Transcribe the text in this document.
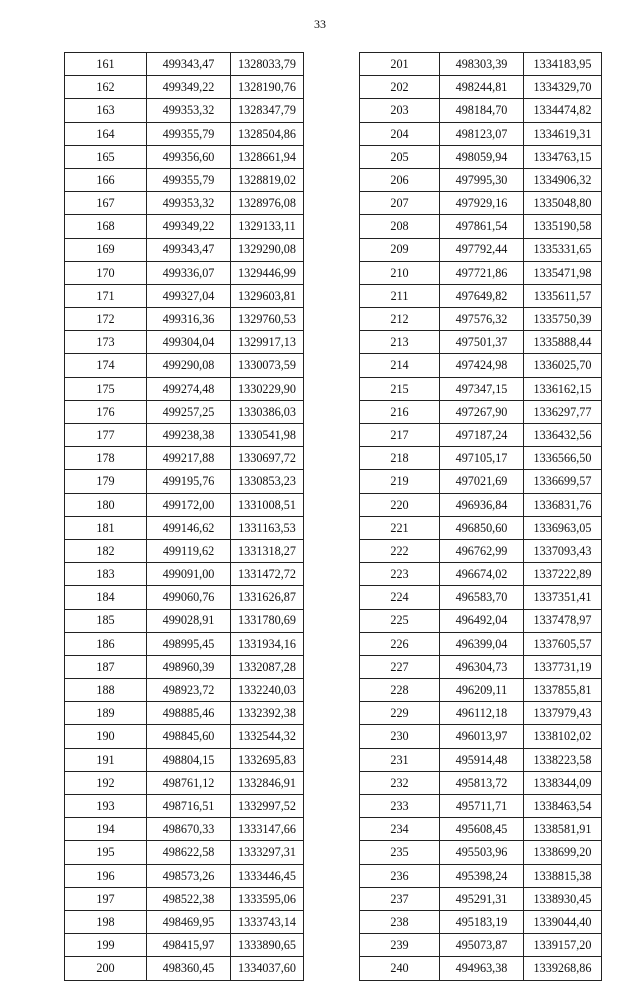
33
161	499343,47	1328033,79
162	499349,22	1328190,76
163	499353,32	1328347,79
164	499355,79	1328504,86
165	499356,60	1328661,94
166	499355,79	1328819,02
167	499353,32	1328976,08
168	499349,22	1329133,11
169	499343,47	1329290,08
170	499336,07	1329446,99
171	499327,04	1329603,81
172	499316,36	1329760,53
173	499304,04	1329917,13
174	499290,08	1330073,59
175	499274,48	1330229,90
176	499257,25	1330386,03
177	499238,38	1330541,98
178	499217,88	1330697,72
179	499195,76	1330853,23
180	499172,00	1331008,51
181	499146,62	1331163,53
182	499119,62	1331318,27
183	499091,00	1331472,72
184	499060,76	1331626,87
185	499028,91	1331780,69
186	498995,45	1331934,16
187	498960,39	1332087,28
188	498923,72	1332240,03
189	498885,46	1332392,38
190	498845,60	1332544,32
191	498804,15	1332695,83
192	498761,12	1332846,91
193	498716,51	1332997,52
194	498670,33	1333147,66
195	498622,58	1333297,31
196	498573,26	1333446,45
197	498522,38	1333595,06
198	498469,95	1333743,14
199	498415,97	1333890,65
200	498360,45	1334037,60
201	498303,39	1334183,95
202	498244,81	1334329,70
203	498184,70	1334474,82
204	498123,07	1334619,31
205	498059,94	1334763,15
206	497995,30	1334906,32
207	497929,16	1335048,80
208	497861,54	1335190,58
209	497792,44	1335331,65
210	497721,86	1335471,98
211	497649,82	1335611,57
212	497576,32	1335750,39
213	497501,37	1335888,44
214	497424,98	1336025,70
215	497347,15	1336162,15
216	497267,90	1336297,77
217	497187,24	1336432,56
218	497105,17	1336566,50
219	497021,69	1336699,57
220	496936,84	1336831,76
221	496850,60	1336963,05
222	496762,99	1337093,43
223	496674,02	1337222,89
224	496583,70	1337351,41
225	496492,04	1337478,97
226	496399,04	1337605,57
227	496304,73	1337731,19
228	496209,11	1337855,81
229	496112,18	1337979,43
230	496013,97	1338102,02
231	495914,48	1338223,58
232	495813,72	1338344,09
233	495711,71	1338463,54
234	495608,45	1338581,91
235	495503,96	1338699,20
236	495398,24	1338815,38
237	495291,31	1338930,45
238	495183,19	1339044,40
239	495073,87	1339157,20
240	494963,38	1339268,86
